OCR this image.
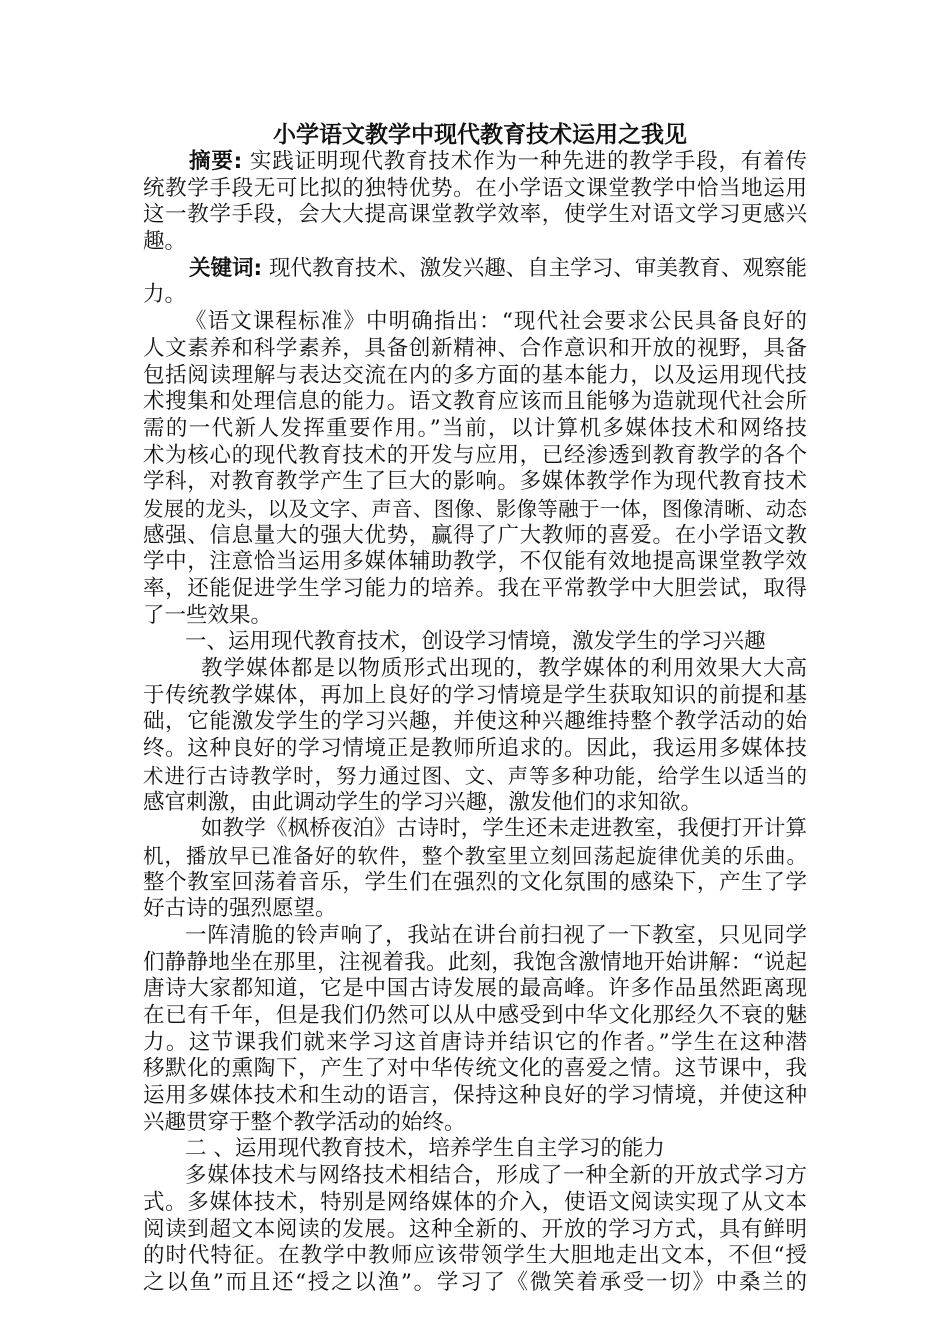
小学语文教学中现代教育技术运用之我见
摘要: 实践证明现代教育技术作为一种先进的教学手段，有着传
统教学手段无可比拟的独特优势。在小学语文课堂教学中恰当地运用
这一教学手段，会大大提高课堂教学效率，使学生对语文学习更感兴
趣。
关键词: 现代教育技术、激发兴趣、自主学习、审美教育、观察能
力。
《语文课程标准》中明确指出：“现代社会要求公民具备良好的
人文素养和科学素养，具备创新精神、合作意识和开放的视野，具备
包括阅读理解与表达交流在内的多方面的基本能力，以及运用现代技
术搜集和处理信息的能力。语文教育应该而且能够为造就现代社会所
需的一代新人发挥重要作用。”当前，以计算机多媒体技术和网络技
术为核心的现代教育技术的开发与应用，已经渗透到教育教学的各个
学科，对教育教学产生了巨大的影响。多媒体教学作为现代教育技术
发展的龙头，以及文字、声音、图像、影像等融于一体，图像清晰、动态
感强、信息量大的强大优势，赢得了广大教师的喜爱。在小学语文教
学中，注意恰当运用多媒体辅助教学，不仅能有效地提高课堂教学效
率，还能促进学生学习能力的培养。我在平常教学中大胆尝试，取得
了一些效果。
一、运用现代教育技术，创设学习情境，激发学生的学习兴趣
教学媒体都是以物质形式出现的，教学媒体的利用效果大大高
于传统教学媒体，再加上良好的学习情境是学生获取知识的前提和基
础，它能激发学生的学习兴趣，并使这种兴趣维持整个教学活动的始
终。这种良好的学习情境正是教师所追求的。因此，我运用多媒体技
术进行古诗教学时，努力通过图、文、声等多种功能，给学生以适当的
感官刺激，由此调动学生的学习兴趣，激发他们的求知欲。
如教学《枫桥夜泊》古诗时，学生还未走进教室，我便打开计算
机，播放早已准备好的软件，整个教室里立刻回荡起旋律优美的乐曲。
整个教室回荡着音乐，学生们在强烈的文化氛围的感染下，产生了学
好古诗的强烈愿望。
一阵清脆的铃声响了，我站在讲台前扫视了一下教室，只见同学
们静静地坐在那里，注视着我。此刻，我饱含激情地开始讲解：“说起
唐诗大家都知道，它是中国古诗发展的最高峰。许多作品虽然距离现
在已有千年，但是我们仍然可以从中感受到中华文化那经久不衰的魅
力。这节课我们就来学习这首唐诗并结识它的作者。”学生在这种潜
移默化的熏陶下，产生了对中华传统文化的喜爱之情。这节课中，我
运用多媒体技术和生动的语言，保持这种良好的学习情境，并使这种
兴趣贯穿于整个教学活动的始终。
二 、运用现代教育技术，培养学生自主学习的能力
多媒体技术与网络技术相结合，形成了一种全新的开放式学习方
式。多媒体技术，特别是网络媒体的介入，使语文阅读实现了从文本
阅读到超文本阅读的发展。这种全新的、开放的学习方式，具有鲜明
的时代特征。在教学中教师应该带领学生大胆地走出文本，不但“授
之以鱼”而且还“授之以渔”。学习了《微笑着承受一切》中桑兰的
